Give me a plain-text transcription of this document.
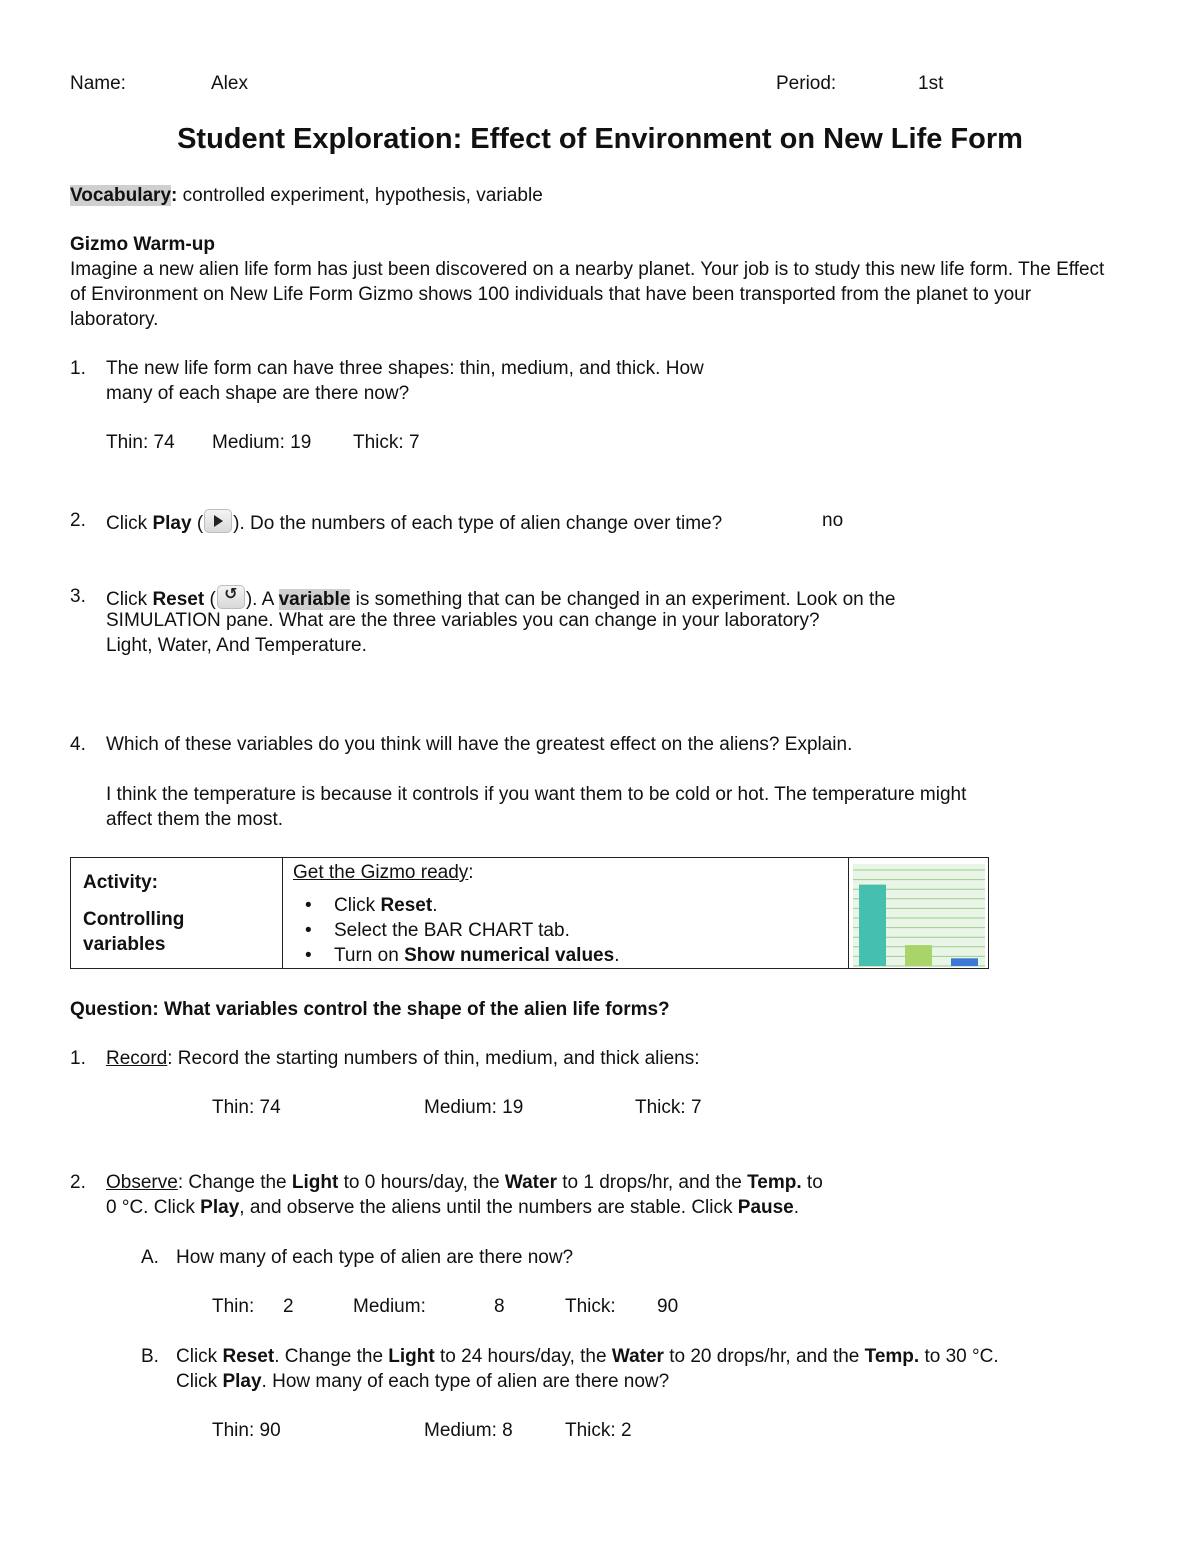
Name:	Alex	Period:	1st
Student Exploration: Effect of Environment on New Life Form
Vocabulary: controlled experiment, hypothesis, variable
Gizmo Warm-up
Imagine a new alien life form has just been discovered on a nearby planet. Your job is to study this new life form. The Effect of Environment on New Life Form Gizmo shows 100 individuals that have been transported from the planet to your laboratory.
1. The new life form can have three shapes: thin, medium, and thick. How
many of each shape are there now?
Thin: 74 Medium: 19 Thick: 7
2. Click Play ( ). Do the numbers of each type of alien change over time?	no
3. Click Reset ( ↺ ). A variable is something that can be changed in an experiment. Look on the
SIMULATION pane. What are the three variables you can change in your laboratory?
Light, Water, And Temperature.
4. Which of these variables do you think will have the greatest effect on the aliens? Explain.
I think the temperature is because it controls if you want them to be cold or hot. The temperature might
affect them the most.
Activity:
Controlling
variables
Get the Gizmo ready:
• Click Reset.
• Select the BAR CHART tab.
• Turn on Show numerical values.
Question: What variables control the shape of the alien life forms?
1. Record: Record the starting numbers of thin, medium, and thick aliens:
Thin: 74	Medium: 19	Thick: 7
2. Observe: Change the Light to 0 hours/day, the Water to 1 drops/hr, and the Temp. to
0 °C. Click Play, and observe the aliens until the numbers are stable. Click Pause.
A. How many of each type of alien are there now?
Thin: 2	Medium:	8	Thick: 90
B. Click Reset. Change the Light to 24 hours/day, the Water to 20 drops/hr, and the Temp. to 30 °C.
Click Play. How many of each type of alien are there now?
Thin: 90	Medium: 8	Thick: 2
